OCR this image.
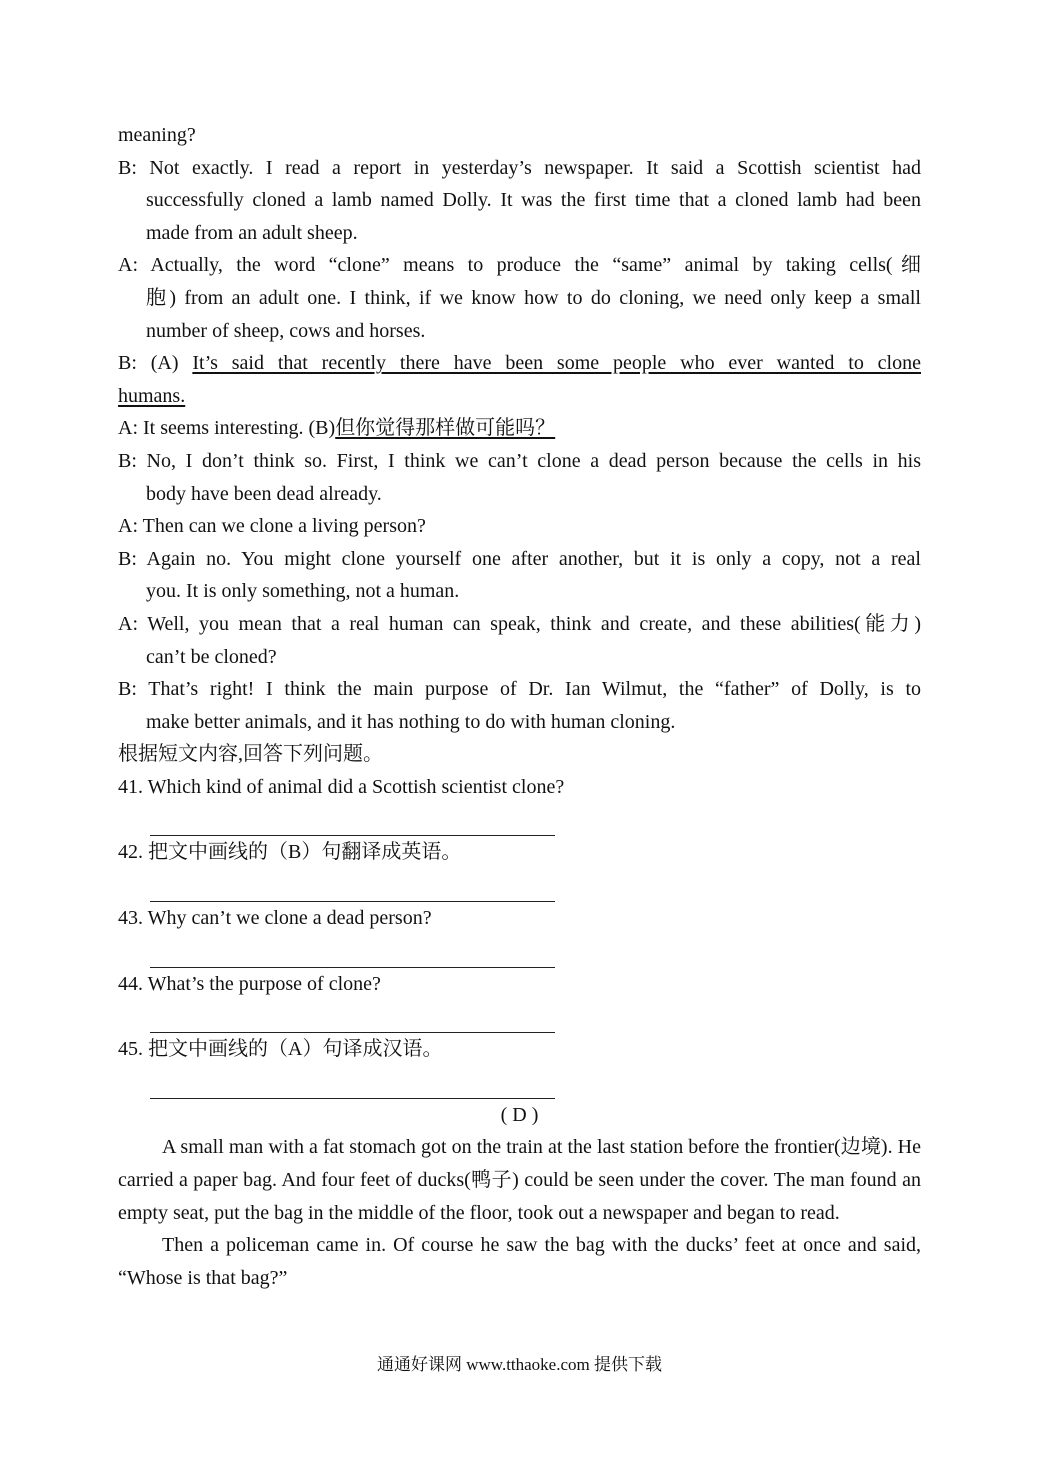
meaning?
B: Not exactly. I read a report in yesterday’s newspaper. It said a Scottish scientist had
successfully cloned a lamb named Dolly. It was the first time that a cloned lamb had been
made from an adult sheep.
A: Actually, the word “clone” means to produce the “same” animal by taking cells(细
胞) from an adult one. I think, if we know how to do cloning, we need only keep a small
number of sheep, cows and horses.
B: (A) It’s said that recently there have been some people who ever wanted to clone
humans.
A: It seems interesting. (B)但你觉得那样做可能吗？
B: No, I don’t think so. First, I think we can’t clone a dead person because the cells in his
body have been dead already.
A: Then can we clone a living person?
B: Again no. You might clone yourself one after another, but it is only a copy, not a real
you. It is only something, not a human.
A: Well, you mean that a real human can speak, think and create, and these abilities(能力)
can’t be cloned?
B: That’s right! I think the main purpose of Dr. Ian Wilmut, the “father” of Dolly, is to
make better animals, and it has nothing to do with human cloning.
根据短文内容,回答下列问题。
41. Which kind of animal did a Scottish scientist clone?
42. 把文中画线的（B）句翻译成英语。
43. Why can’t we clone a dead person?
44. What’s the purpose of clone?
45. 把文中画线的（A）句译成汉语。
( D )
A small man with a fat stomach got on the train at the last station before the frontier(边境). He carried a paper bag. And four feet of ducks(鸭子) could be seen under the cover. The man found an empty seat, put the bag in the middle of the floor, took out a newspaper and began to read.
Then a policeman came in. Of course he saw the bag with the ducks’ feet at once and said, “Whose is that bag?”
通通好课网 www.tthaoke.com 提供下载
